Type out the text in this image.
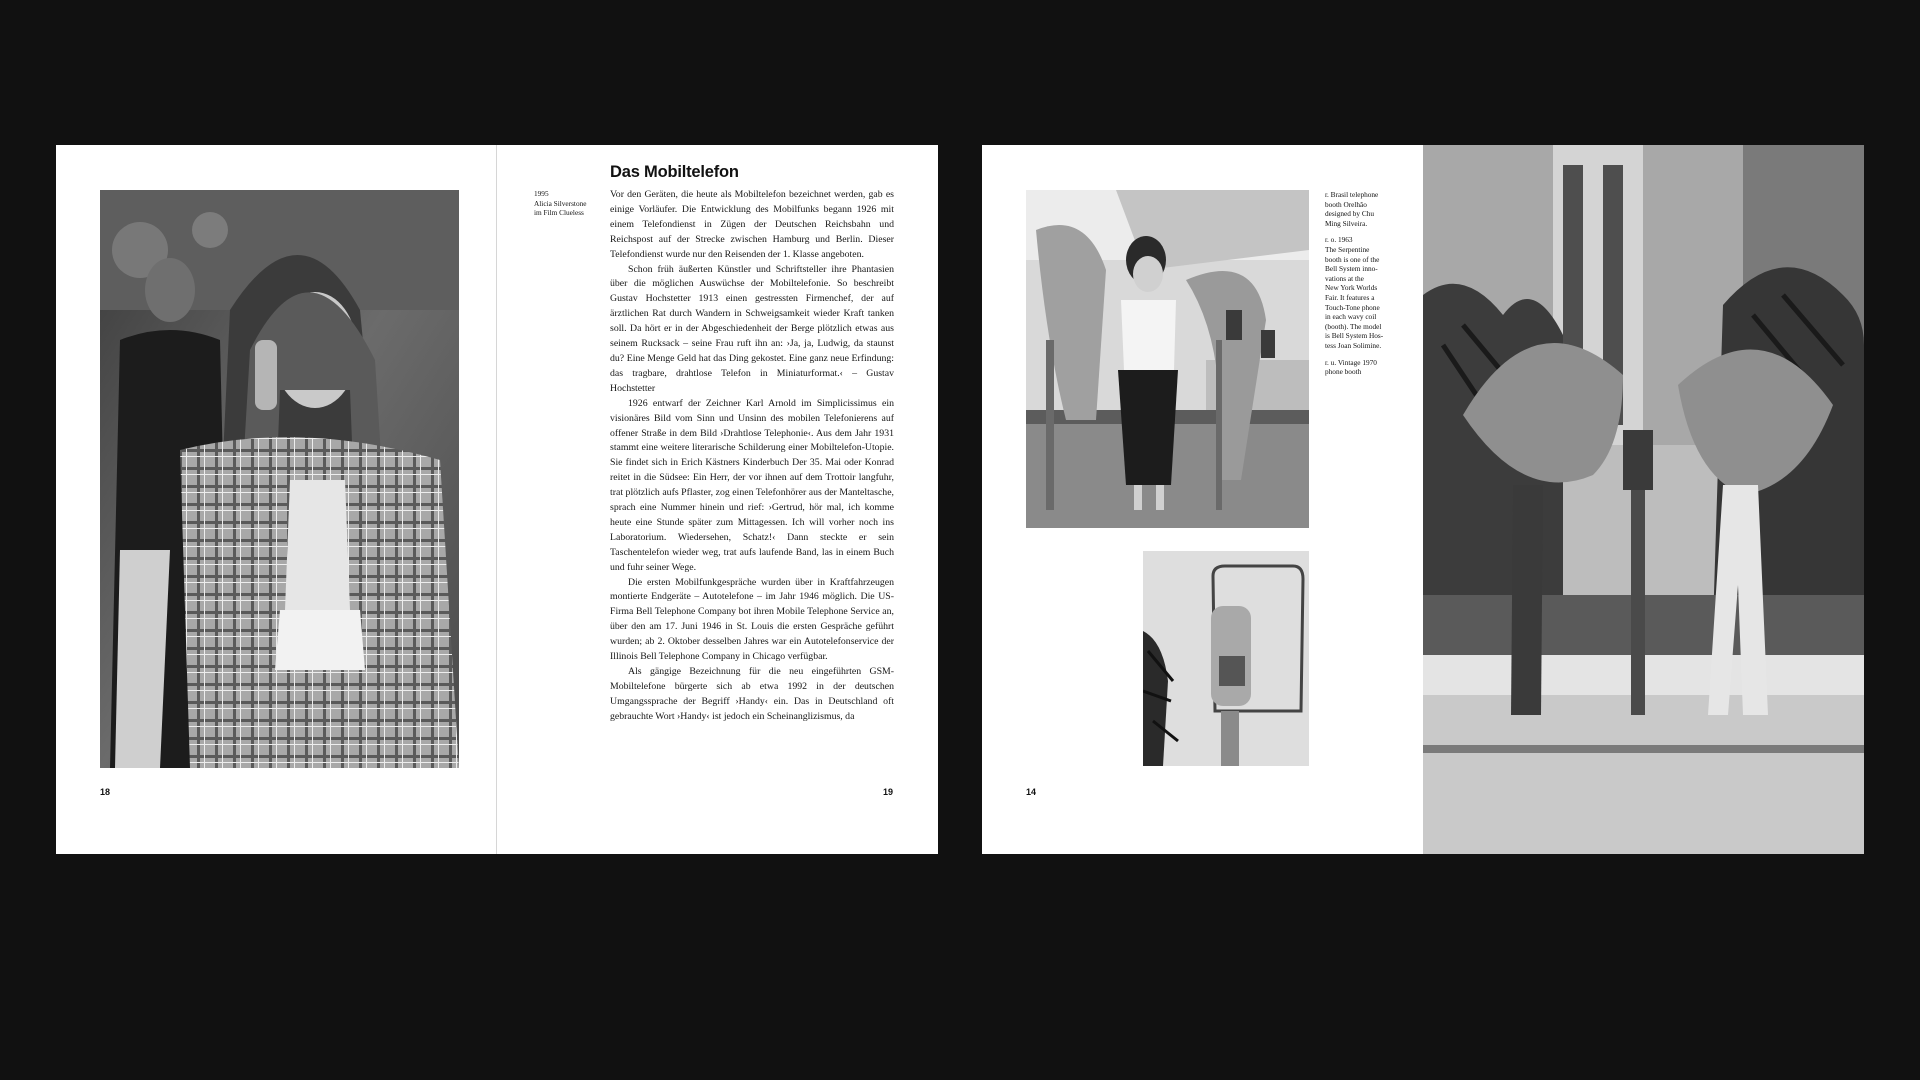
18
1995
Alicia Silverstone
im Film Clueless
19
Das Mobiltelefon

Vor den Geräten, die heute als Mobiltelefon bezeichnet werden, gab es einige Vorläufer. Die Entwicklung des Mobilfunks begann 1926 mit einem Telefondienst in Zügen der Deutschen Reichsbahn und Reichspost auf der Strecke zwischen Hamburg und Berlin. Dieser Telefondienst wurde nur den Reisenden der 1. Klasse angeboten.

Schon früh äußerten Künstler und Schriftsteller ihre Phantasien über die möglichen Auswüchse der Mobiltelefonie. So beschreibt Gustav Hochstetter 1913 einen gestressten Firmenchef, der auf ärztlichen Rat durch Wandern in Schweigsamkeit wieder Kraft tanken soll. Da hört er in der Abgeschiedenheit der Berge plötzlich etwas aus seinem Rucksack – seine Frau ruft ihn an: ›Ja, ja, Ludwig, da staunst du? Eine Menge Geld hat das Ding gekostet. Eine ganz neue Erfindung: das tragbare, drahtlose Telefon in Miniaturformat.‹ – Gustav Hochstetter

1926 entwarf der Zeichner Karl Arnold im Simplicissimus ein visionäres Bild vom Sinn und Unsinn des mobilen Telefonierens auf offener Straße in dem Bild ›Drahtlose Telephonie‹. Aus dem Jahr 1931 stammt eine weitere literarische Schilderung einer Mobiltelefon-Utopie. Sie findet sich in Erich Kästners Kinderbuch Der 35. Mai oder Konrad reitet in die Südsee: Ein Herr, der vor ihnen auf dem Trottoir langfuhr, trat plötzlich aufs Pflaster, zog einen Telefonhörer aus der Manteltasche, sprach eine Nummer hinein und rief: ›Gertrud, hör mal, ich komme heute eine Stunde später zum Mittagessen. Ich will vorher noch ins Laboratorium. Wiedersehen, Schatz!‹ Dann steckte er sein Taschentelefon wieder weg, trat aufs laufende Band, las in einem Buch und fuhr seiner Wege.

Die ersten Mobilfunkgespräche wurden über in Kraftfahrzeugen montierte Endgeräte – Autotelefone – im Jahr 1946 möglich. Die US-Firma Bell Telephone Company bot ihren Mobile Telephone Service an, über den am 17. Juni 1946 in St. Louis die ersten Gespräche geführt wurden; ab 2. Oktober desselben Jahres war ein Autotelefonservice der Illinois Bell Telephone Company in Chicago verfügbar.

Als gängige Bezeichnung für die neu eingeführten GSM-Mobiltelefone bürgerte sich ab etwa 1992 in der deutschen Umgangssprache der Begriff ›Handy‹ ein. Das in Deutschland oft gebrauchte Wort ›Handy‹ ist jedoch ein Scheinanglizismus, da

r. Brasil telephone
booth Orelhão
designed by Chu
Ming Silveira.

r. o. 1963
The Serpentine
booth is one of the
Bell System inno-
vations at the
New York Worlds
Fair. It features a
Touch-Tone phone
in each wavy coil
(booth). The model
is Bell System Hos-
tess Joan Solimine.

r. u. Vintage 1970
phone booth

14
